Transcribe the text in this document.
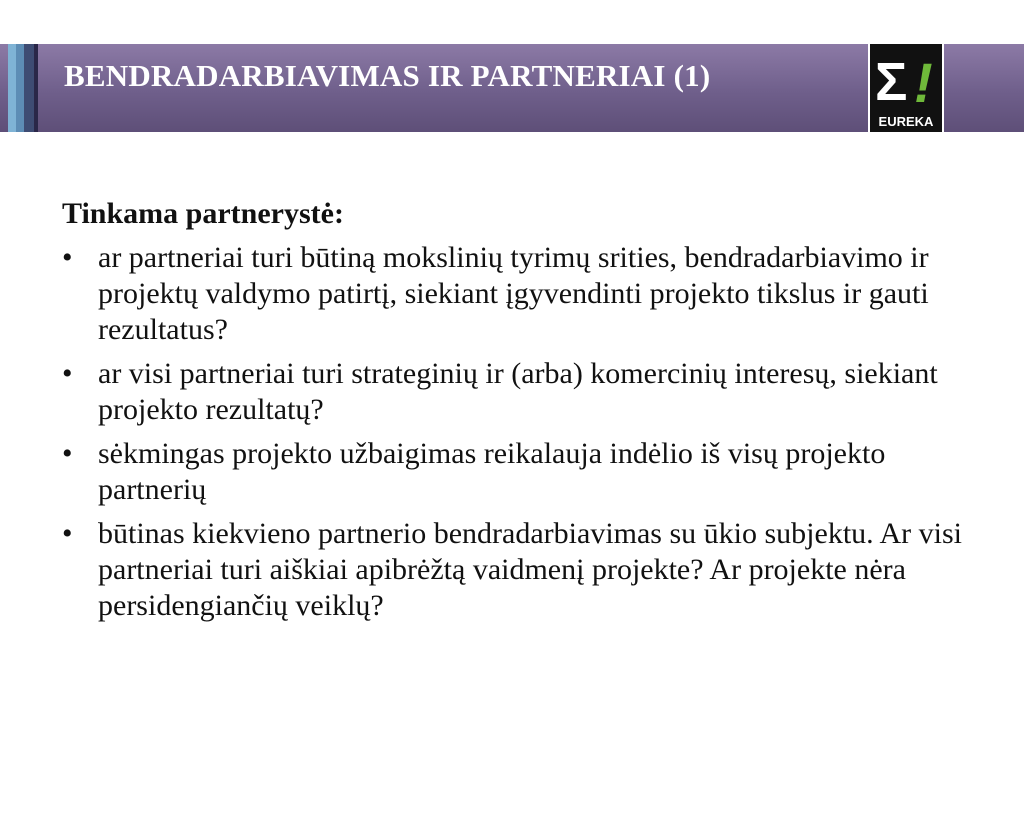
BENDRADARBIAVIMAS IR PARTNERIAI (1)	Σ !
EUREKA
Tinkama partnerystė:
• ar partneriai turi būtiną mokslinių tyrimų srities, bendradarbiavimo ir projektų valdymo patirtį, siekiant įgyvendinti projekto tikslus ir gauti rezultatus?
• ar visi partneriai turi strateginių ir (arba) komercinių interesų, siekiant projekto rezultatų?
• sėkmingas projekto užbaigimas reikalauja indėlio iš visų projekto partnerių
• būtinas kiekvieno partnerio bendradarbiavimas su ūkio subjektu. Ar visi partneriai turi aiškiai apibrėžtą vaidmenį projekte? Ar projekte nėra persidengiančių veiklų?
